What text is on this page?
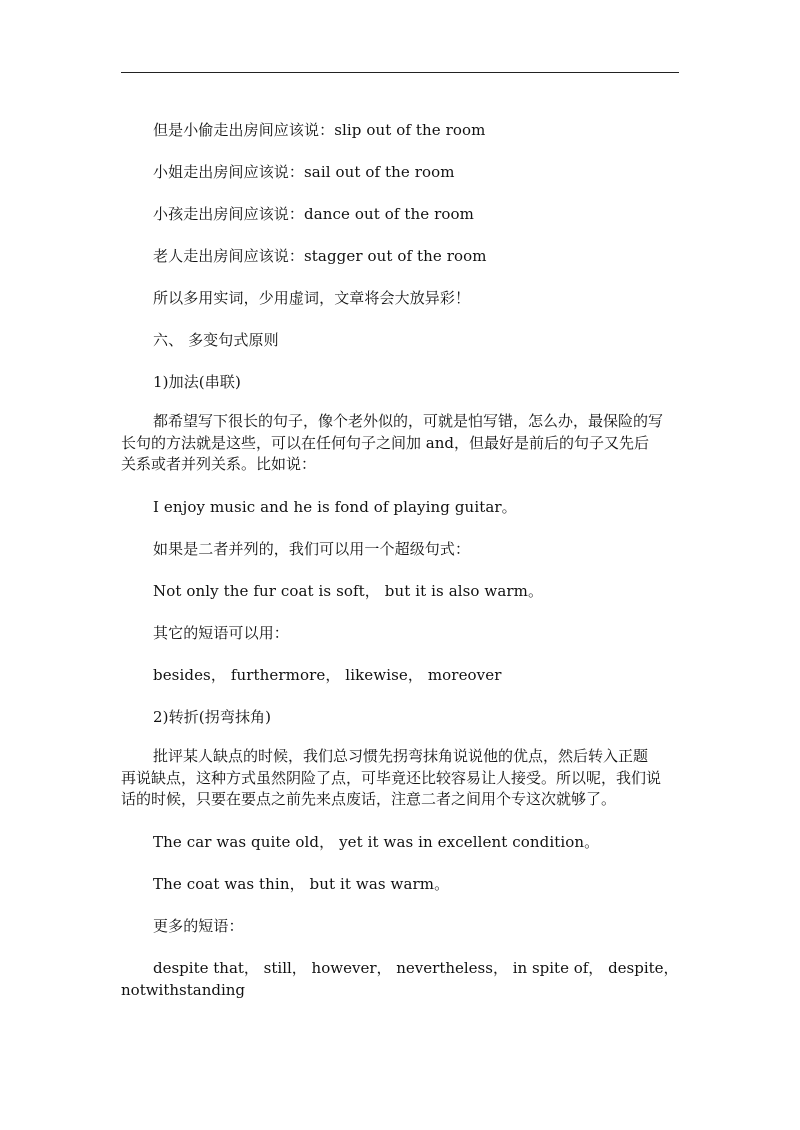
但是小偷走出房间应该说：slip out of the room
小姐走出房间应该说：sail out of the room
小孩走出房间应该说：dance out of the room
老人走出房间应该说：stagger out of the room
所以多用实词，少用虚词，文章将会大放异彩！
六、 多变句式原则
1)加法(串联)
都希望写下很长的句子，像个老外似的，可就是怕写错，怎么办，最保险的写
长句的方法就是这些，可以在任何句子之间加 and，但最好是前后的句子又先后
关系或者并列关系。比如说：
I enjoy music and he is fond of playing guitar。
如果是二者并列的，我们可以用一个超级句式：
Not only the fur coat is soft， but it is also warm。
其它的短语可以用：
besides， furthermore， likewise， moreover
2)转折(拐弯抹角)
批评某人缺点的时候，我们总习惯先拐弯抹角说说他的优点，然后转入正题
再说缺点，这种方式虽然阴险了点，可毕竟还比较容易让人接受。所以呢，我们说
话的时候，只要在要点之前先来点废话，注意二者之间用个专这次就够了。
The car was quite old， yet it was in excellent condition。
The coat was thin， but it was warm。
更多的短语：
despite that， still， however， nevertheless， in spite of， despite，
notwithstanding
